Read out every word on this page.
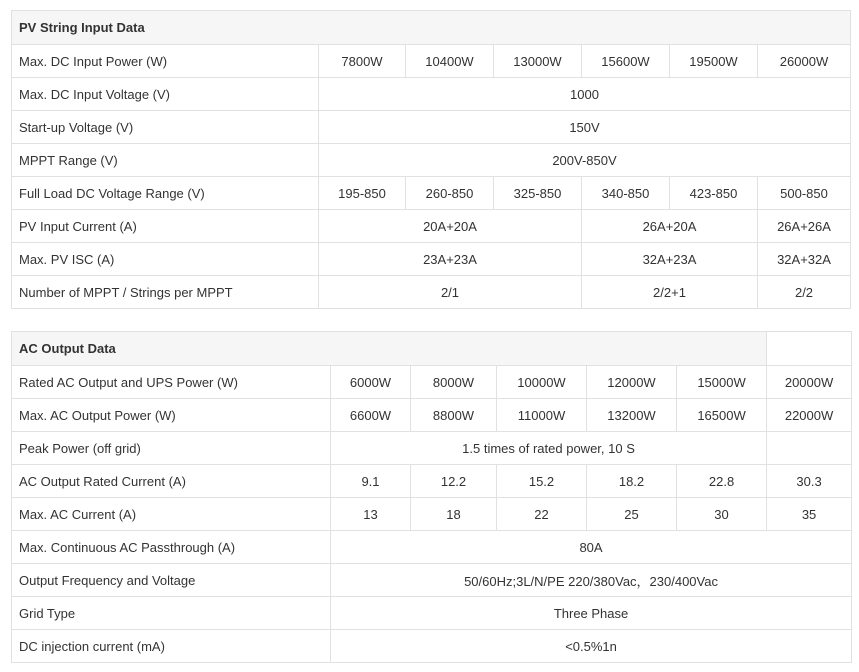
PV String Input Data						
Max. DC Input Power (W)	7800W	10400W	13000W	15600W	19500W	26000W
Max. DC Input Voltage (V)	1000					
Start-up Voltage (V)	150V					
MPPT Range (V)	200V-850V					
Full Load DC Voltage Range (V)	195-850	260-850	325-850	340-850	423-850	500-850
PV Input Current (A)	20A+20A			26A+20A		26A+26A
Max. PV ISC (A)	23A+23A			32A+23A		32A+32A
Number of MPPT / Strings per MPPT	2/1			2/2+1		2/2
AC Output Data						
Rated AC Output and UPS Power (W)	6000W	8000W	10000W	12000W	15000W	20000W
Max. AC Output Power (W)	6600W	8800W	11000W	13200W	16500W	22000W
Peak Power (off grid)	1.5 times of rated power, 10 S					
AC Output Rated Current (A)	9.1	12.2	15.2	18.2	22.8	30.3
Max. AC Current (A)	13	18	22	25	30	35
Max. Continuous AC Passthrough (A)	80A					
Output Frequency and Voltage	50/60Hz;3L/N/PE 220/380Vac，230/400Vac					
Grid Type	Three Phase					
DC injection current (mA)	<0.5%1n					
